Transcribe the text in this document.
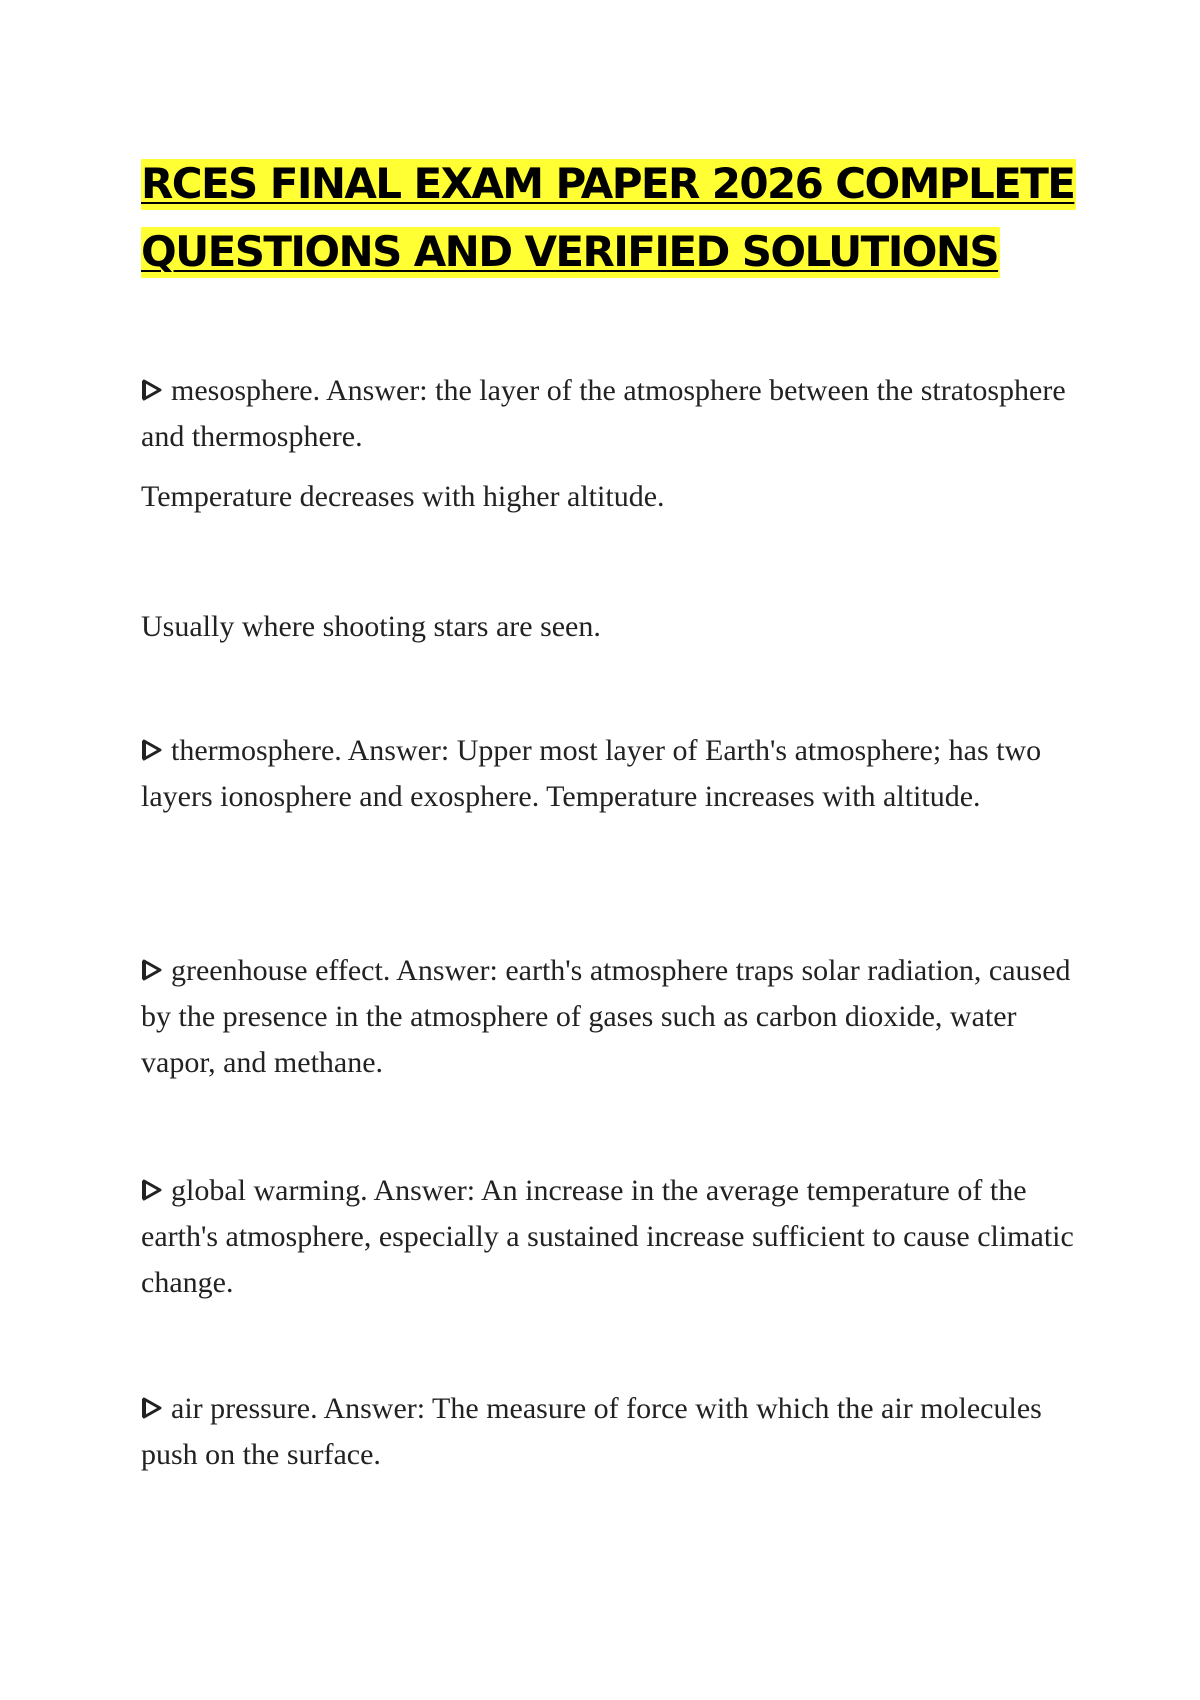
RCES FINAL EXAM PAPER 2026 COMPLETE
QUESTIONS AND VERIFIED SOLUTIONS
mesosphere. Answer: the layer of the atmosphere between the stratosphere and thermosphere.
Temperature decreases with higher altitude.
Usually where shooting stars are seen.
thermosphere. Answer: Upper most layer of Earth's atmosphere; has two layers ionosphere and exosphere. Temperature increases with altitude.
greenhouse effect. Answer: earth's atmosphere traps solar radiation, caused by the presence in the atmosphere of gases such as carbon dioxide, water vapor, and methane.
global warming. Answer: An increase in the average temperature of the earth's atmosphere, especially a sustained increase sufficient to cause climatic change.
air pressure. Answer: The measure of force with which the air molecules push on the surface.
